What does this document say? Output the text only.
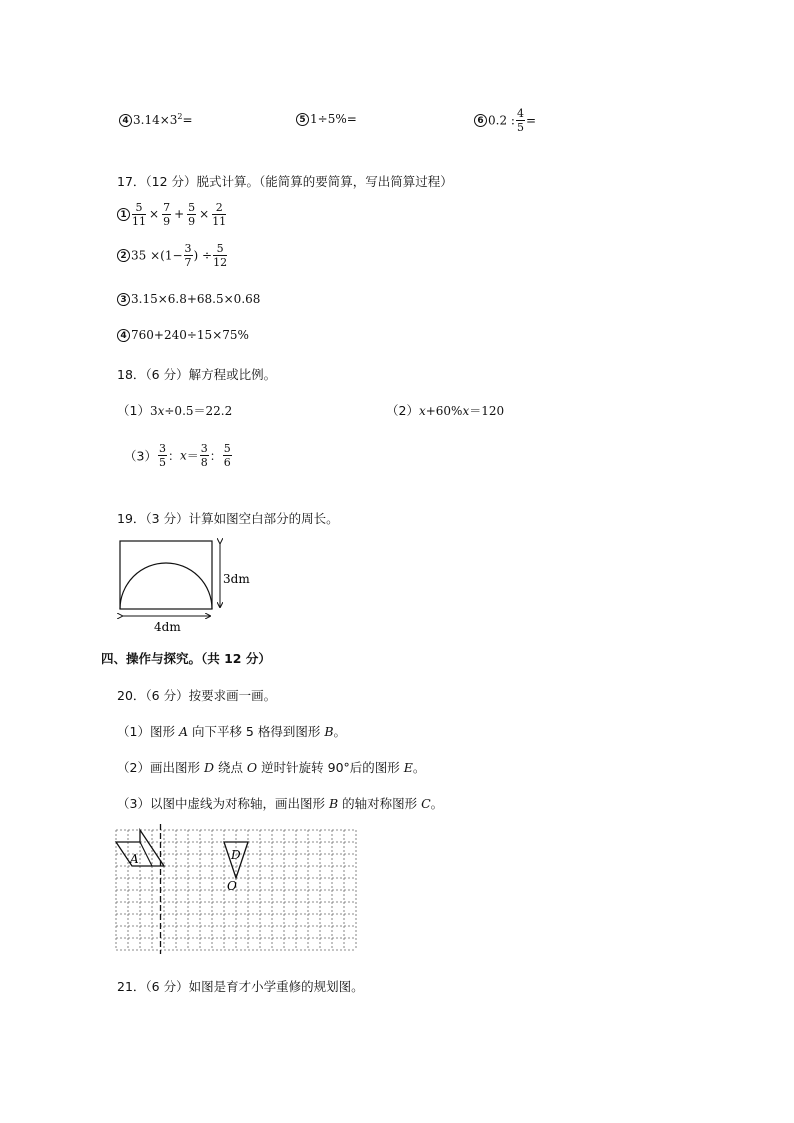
4 $3.14\times 3^2=$	5 1÷5%=	6 0.2 : $\frac{4}{5}$ =
17．（12 分）脱式计算。（能简算的要简算，写出简算过程）
$1 \frac{5}{11} \times \frac{7}{9} + \frac{5}{9} \times \frac{2}{11}$
2 $35 \times(1- \frac{3}{7}$ ) ÷ $\frac{5}{12}$
3 3.15×6.8+68.5×0.68
4 760+240÷15×75%
18．（6 分）解方程或比例。
（1）3x÷0.5＝22.2	（2）x+60%x＝120
$(3) \frac{3}{5}$ ：$x= \frac{3}{8}$ ： $\frac{5}{6}$
19．（3 分）计算如图空白部分的周长。
3dm
4dm
四、操作与探究。（共 12 分）
20．（6 分）按要求画一画。
（1）图形 A 向下平移 5 格得到图形 B。
（2）画出图形 D 绕点 O 逆时针旋转 90°后的图形 E。
（3）以图中虚线为对称轴，画出图形 B 的轴对称图形 C。
A	D
O
21．（6 分）如图是育才小学重修的规划图。
